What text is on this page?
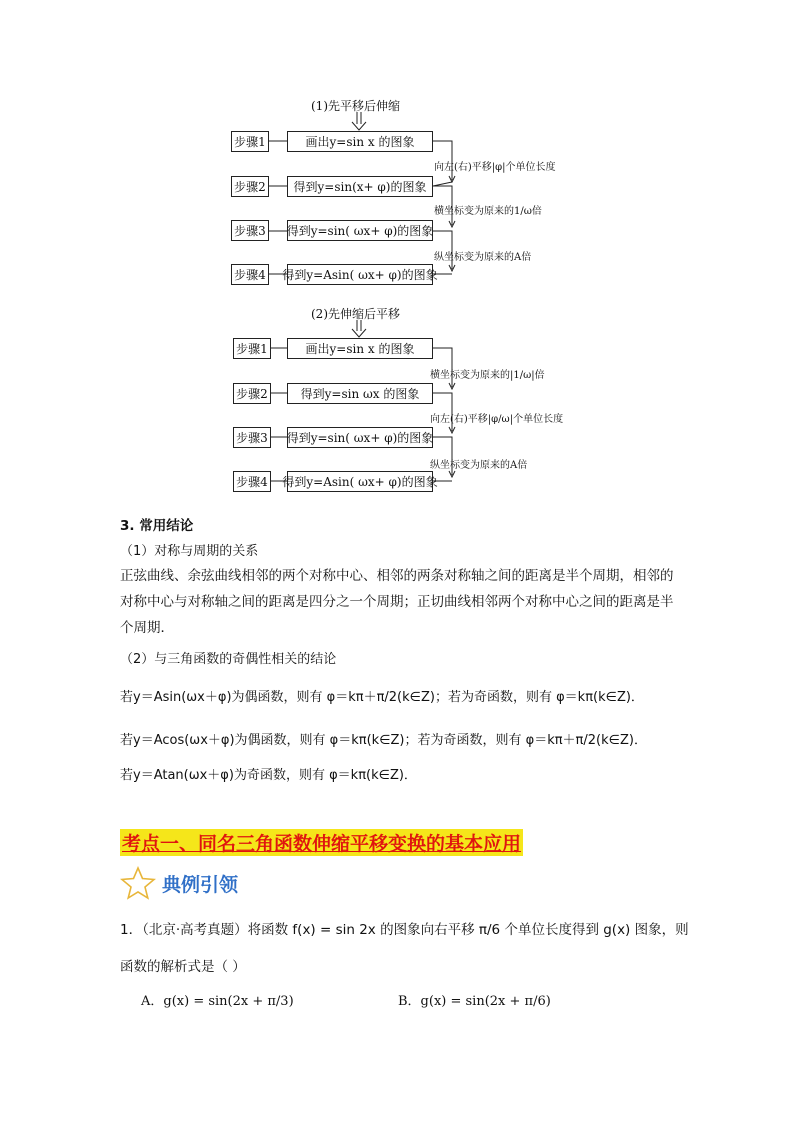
(1)先平移后伸缩
步骤1
步骤2
步骤3
步骤4
画出y=sin x 的图象
得到y=sin(x+ φ)的图象
得到y=sin( ωx+ φ)的图象
得到y=Asin( ωx+ φ)的图象
向左(右)平移|φ|个单位长度
横坐标变为原来的1/ω倍
纵坐标变为原来的A倍
(2)先伸缩后平移
步骤1
步骤2
步骤3
步骤4
画出y=sin x 的图象
得到y=sin ωx 的图象
得到y=sin( ωx+ φ)的图象
得到y=Asin( ωx+ φ)的图象
横坐标变为原来的|1/ω|倍
向左(右)平移|φ/ω|个单位长度
纵坐标变为原来的A倍
3. 常用结论
（1）对称与周期的关系
正弦曲线、余弦曲线相邻的两个对称中心、相邻的两条对称轴之间的距离是半个周期，相邻的对称中心与对称轴之间的距离是四分之一个周期；正切曲线相邻两个对称中心之间的距离是半个周期．
（2）与三角函数的奇偶性相关的结论
若y＝Asin(ωx＋φ)为偶函数，则有 φ＝kπ＋π/2(k∈Z)；若为奇函数，则有 φ＝kπ(k∈Z)．
若y＝Acos(ωx＋φ)为偶函数，则有 φ＝kπ(k∈Z)；若为奇函数，则有 φ＝kπ＋π/2(k∈Z)．
若y＝Atan(ωx＋φ)为奇函数，则有 φ＝kπ(k∈Z)．
考点一、同名三角函数伸缩平移变换的基本应用
典例引领
1．（北京·高考真题）将函数 f(x) = sin 2x 的图象向右平移 π/6 个单位长度得到 g(x) 图象，则
函数的解析式是（ ）
A．g(x) = sin(2x + π/3)	B．g(x) = sin(2x + π/6)
